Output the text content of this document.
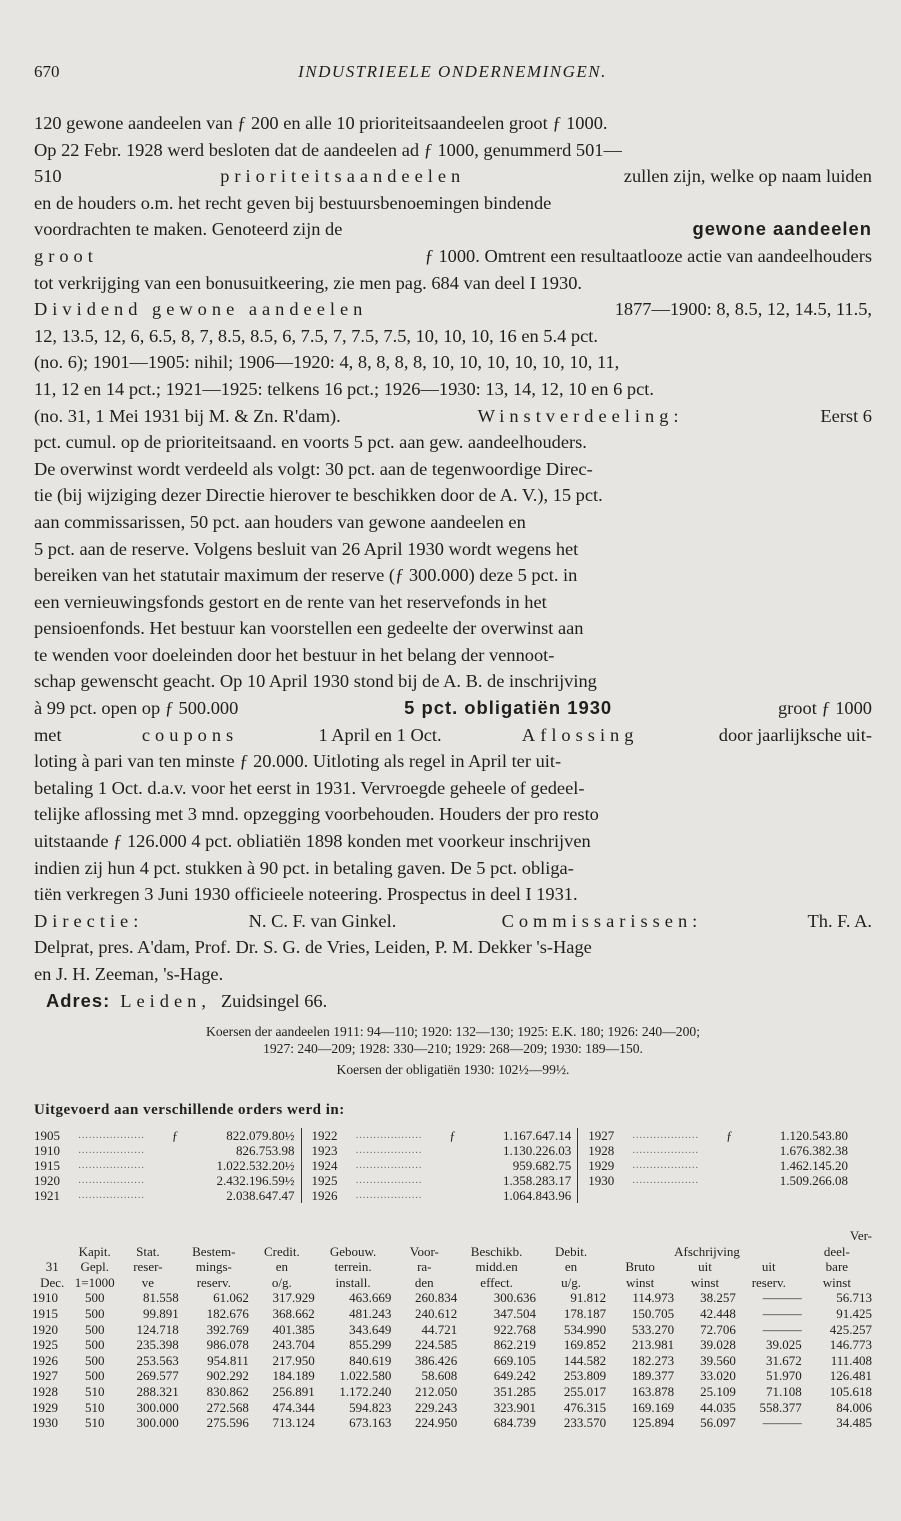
670	INDUSTRIEELE ONDERNEMINGEN.
120 gewone aandeelen van ƒ 200 en alle 10 prioriteitsaandeelen groot ƒ 1000.
Op 22 Febr. 1928 werd besloten dat de aandeelen ad ƒ 1000, genummerd 501—
510	prioriteitsaandeelen	zullen zijn, welke op naam luiden
en de houders o.m. het recht geven bij bestuursbenoemingen bindende
voordrachten te maken. Genoteerd zijn de	gewone aandeelen
groot	ƒ 1000. Omtrent een resultaatlooze actie van aandeelhouders
tot verkrijging van een bonusuitkeering, zie men pag. 684 van deel I 1930.
Dividend gewone aandeelen	1877—1900: 8, 8.5, 12, 14.5, 11.5,
12, 13.5, 12, 6, 6.5, 8, 7, 8.5, 8.5, 6, 7.5, 7, 7.5, 7.5, 10, 10, 10, 16 en 5.4 pct.
(no. 6); 1901—1905: nihil; 1906—1920: 4, 8, 8, 8, 8, 10, 10, 10, 10, 10, 10, 11,
11, 12 en 14 pct.; 1921—1925: telkens 16 pct.; 1926—1930: 13, 14, 12, 10 en 6 pct.
(no. 31, 1 Mei 1931 bij M. & Zn. R'dam).	Winstverdeeling:	Eerst 6
pct. cumul. op de prioriteitsaand. en voorts 5 pct. aan gew. aandeelhouders.
De overwinst wordt verdeeld als volgt: 30 pct. aan de tegenwoordige Direc-
tie (bij wijziging dezer Directie hierover te beschikken door de A. V.), 15 pct.
aan commissarissen, 50 pct. aan houders van gewone aandeelen en
5 pct. aan de reserve. Volgens besluit van 26 April 1930 wordt wegens het
bereiken van het statutair maximum der reserve (ƒ 300.000) deze 5 pct. in
een vernieuwingsfonds gestort en de rente van het reservefonds in het
pensioenfonds. Het bestuur kan voorstellen een gedeelte der overwinst aan
te wenden voor doeleinden door het bestuur in het belang der vennoot-
schap gewenscht geacht. Op 10 April 1930 stond bij de A. B. de inschrijving
à 99 pct. open op ƒ 500.000	5 pct. obligatiën 1930	groot ƒ 1000
met	coupons	1 April en 1 Oct.	Aflossing	door jaarlijksche uit-
loting à pari van ten minste ƒ 20.000. Uitloting als regel in April ter uit-
betaling 1 Oct. d.a.v. voor het eerst in 1931. Vervroegde geheele of gedeel-
telijke aflossing met 3 mnd. opzegging voorbehouden. Houders der pro resto
uitstaande ƒ 126.000 4 pct. obliatiën 1898 konden met voorkeur inschrijven
indien zij hun 4 pct. stukken à 90 pct. in betaling gaven. De 5 pct. obliga-
tiën verkregen 3 Juni 1930 officieele noteering. Prospectus in deel I 1931.
Directie:	N. C. F. van Ginkel.	Commissarissen:	Th. F. A.
Delprat, pres. A'dam, Prof. Dr. S. G. de Vries, Leiden, P. M. Dekker 's-Hage
en J. H. Zeeman, 's-Hage.
Adres: Leiden, Zuidsingel 66.
Koersen der aandeelen 1911: 94—110; 1920: 132—130; 1925: E.K. 180; 1926: 240—200;
1927: 240—209; 1928: 330—210; 1929: 268—209; 1930: 189—150.
Koersen der obligatiën 1930: 102½—99½.
Uitgevoerd aan verschillende orders werd in:
1905	...................	ƒ	822.079.80½	1922	...................	ƒ	1.167.647.14	1927	...................	ƒ	1.120.543.80
1910	...................		826.753.98	1923	...................		1.130.226.03	1928	...................		1.676.382.38
1915	...................		1.022.532.20½	1924	...................		959.682.75	1929	...................		1.462.145.20
1920	...................		2.432.196.59½	1925	...................		1.358.283.17	1930	...................		1.509.266.08
1921	...................		2.038.647.47	1926	...................		1.064.843.96				
												Ver-
	Kapit.	Stat.	Bestem-	Credit.	Gebouw.	Voor-	Beschikb.	Debit.		Afschrijving		deel-
31	Gepl.	reser-	mings-	en	terrein.	ra-	midd.en	en	Bruto	uit	uit	bare
Dec.	1=1000	ve	reserv.	o/g.	install.	den	effect.	u/g.	winst	winst	reserv.	winst
1910	500	81.558	61.062	317.929	463.669	260.834	300.636	91.812	114.973	38.257	———	56.713
1915	500	99.891	182.676	368.662	481.243	240.612	347.504	178.187	150.705	42.448	———	91.425
1920	500	124.718	392.769	401.385	343.649	44.721	922.768	534.990	533.270	72.706	———	425.257
1925	500	235.398	986.078	243.704	855.299	224.585	862.219	169.852	213.981	39.028	39.025	146.773
1926	500	253.563	954.811	217.950	840.619	386.426	669.105	144.582	182.273	39.560	31.672	111.408
1927	500	269.577	902.292	184.189	1.022.580	58.608	649.242	253.809	189.377	33.020	51.970	126.481
1928	510	288.321	830.862	256.891	1.172.240	212.050	351.285	255.017	163.878	25.109	71.108	105.618
1929	510	300.000	272.568	474.344	594.823	229.243	323.901	476.315	169.169	44.035	558.377	84.006
1930	510	300.000	275.596	713.124	673.163	224.950	684.739	233.570	125.894	56.097	———	34.485
